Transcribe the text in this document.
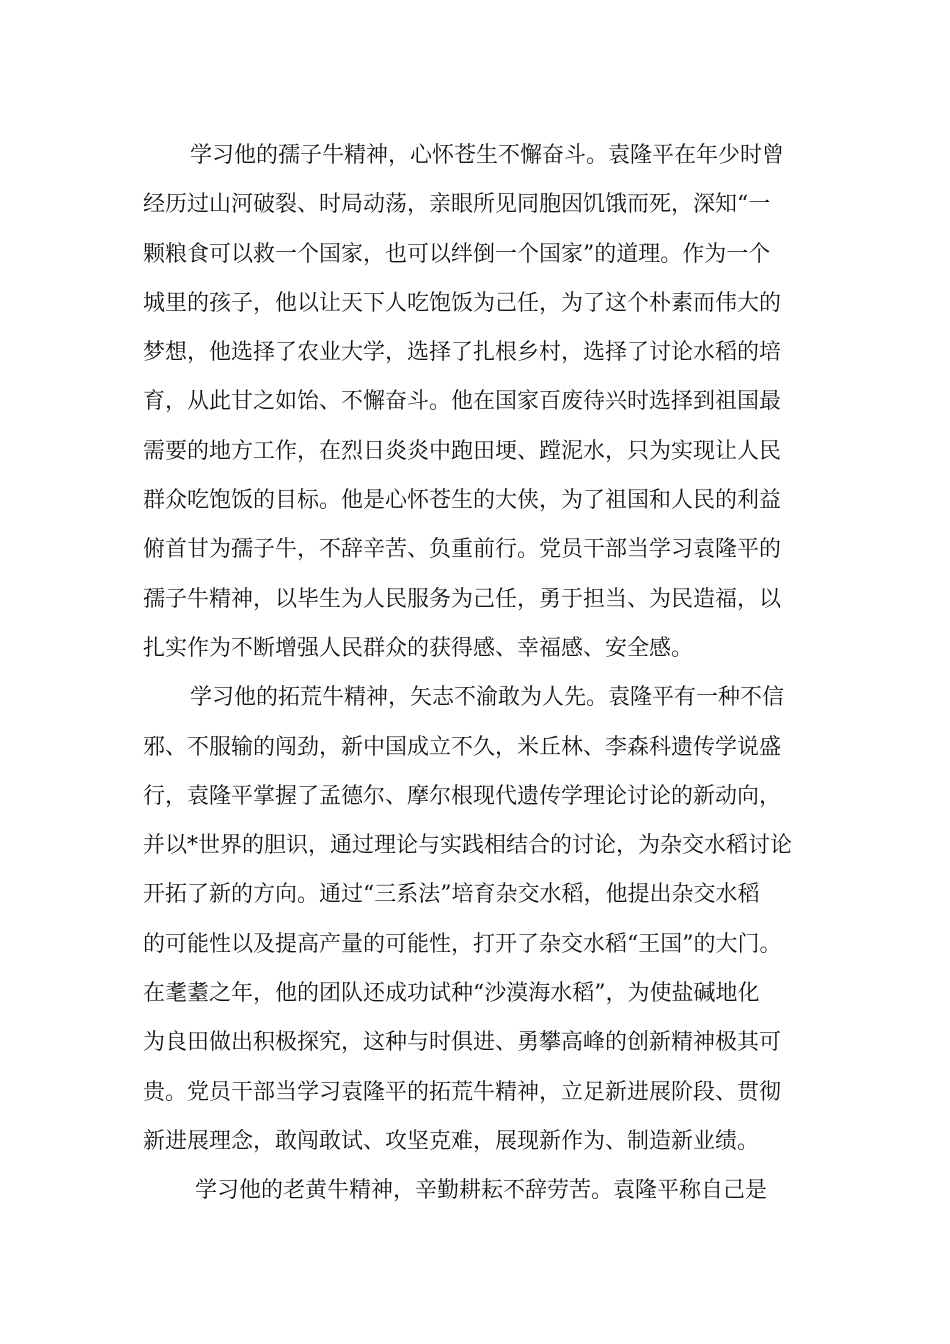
学习他的孺子牛精神，心怀苍生不懈奋斗。袁隆平在年少时曾
经历过山河破裂、时局动荡，亲眼所见同胞因饥饿而死，深知“一
颗粮食可以救一个国家，也可以绊倒一个国家”的道理。作为一个
城里的孩子，他以让天下人吃饱饭为己任，为了这个朴素而伟大的
梦想，他选择了农业大学，选择了扎根乡村，选择了讨论水稻的培
育，从此甘之如饴、不懈奋斗。他在国家百废待兴时选择到祖国最
需要的地方工作，在烈日炎炎中跑田埂、蹚泥水，只为实现让人民
群众吃饱饭的目标。他是心怀苍生的大侠，为了祖国和人民的利益
俯首甘为孺子牛，不辞辛苦、负重前行。党员干部当学习袁隆平的
孺子牛精神，以毕生为人民服务为己任，勇于担当、为民造福，以
扎实作为不断增强人民群众的获得感、幸福感、安全感。
学习他的拓荒牛精神，矢志不渝敢为人先。袁隆平有一种不信
邪、不服输的闯劲，新中国成立不久，米丘林、李森科遗传学说盛
行，袁隆平掌握了孟德尔、摩尔根现代遗传学理论讨论的新动向，
并以*世界的胆识，通过理论与实践相结合的讨论，为杂交水稻讨论
开拓了新的方向。通过“三系法”培育杂交水稻，他提出杂交水稻
的可能性以及提高产量的可能性，打开了杂交水稻“王国”的大门。
在耄耋之年，他的团队还成功试种“沙漠海水稻”，为使盐碱地化
为良田做出积极探究，这种与时俱进、勇攀高峰的创新精神极其可
贵。党员干部当学习袁隆平的拓荒牛精神，立足新进展阶段、贯彻
新进展理念，敢闯敢试、攻坚克难，展现新作为、制造新业绩。
学习他的老黄牛精神，辛勤耕耘不辞劳苦。袁隆平称自己是
